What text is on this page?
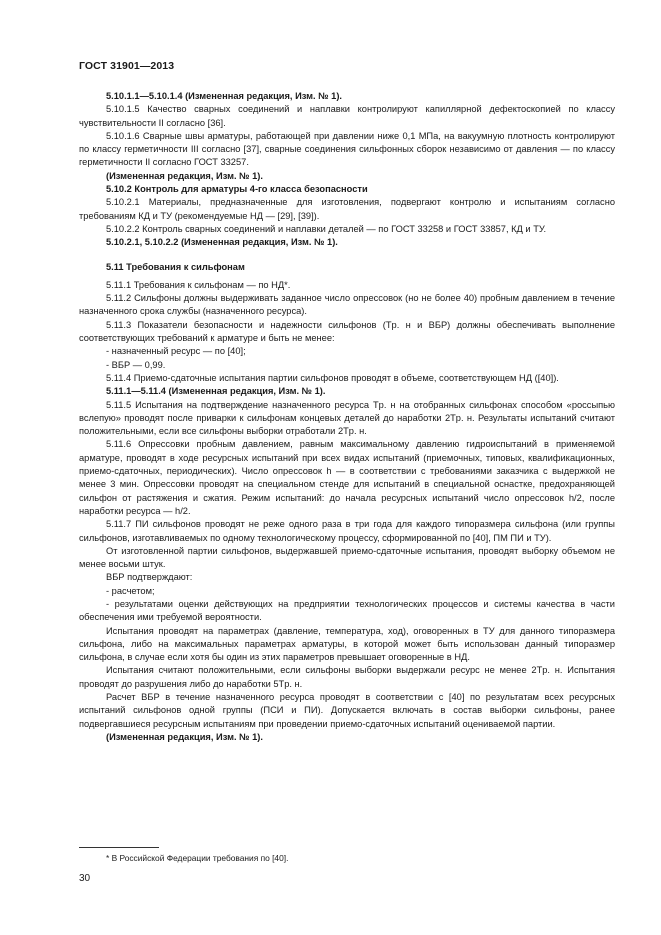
ГОСТ 31901—2013

5.10.1.1—5.10.1.4 (Измененная редакция, Изм. № 1).

5.10.1.5 Качество сварных соединений и наплавки контролируют капиллярной дефектоскопией по классу чувствительности II согласно [36].

5.10.1.6 Сварные швы арматуры, работающей при давлении ниже 0,1 МПа, на вакуумную плотность контролируют по классу герметичности III согласно [37], сварные соединения сильфонных сборок независимо от давления — по классу герметичности II согласно ГОСТ 33257.

(Измененная редакция, Изм. № 1).

5.10.2 Контроль для арматуры 4-го класса безопасности

5.10.2.1 Материалы, предназначенные для изготовления, подвергают контролю и испытаниям согласно требованиям КД и ТУ (рекомендуемые НД — [29], [39]).

5.10.2.2 Контроль сварных соединений и наплавки деталей — по ГОСТ 33258 и ГОСТ 33857, КД и ТУ.

5.10.2.1, 5.10.2.2 (Измененная редакция, Изм. № 1).

5.11 Требования к сильфонам

5.11.1 Требования к сильфонам — по НД*.

5.11.2 Сильфоны должны выдерживать заданное число опрессовок (но не более 40) пробным давлением в течение назначенного срока службы (назначенного ресурса).

5.11.3 Показатели безопасности и надежности сильфонов (Tр. н и ВБР) должны обеспечивать выполнение соответствующих требований к арматуре и быть не менее:

- назначенный ресурс — по [40];

- ВБР — 0,99.

5.11.4 Приемо-сдаточные испытания партии сильфонов проводят в объеме, соответствующем НД ([40]).

5.11.1—5.11.4 (Измененная редакция, Изм. № 1).

5.11.5 Испытания на подтверждение назначенного ресурса Tр. н на отобранных сильфонах способом «россыпью вслепую» проводят после приварки к сильфонам концевых деталей до наработки 2Tр. н. Результаты испытаний считают положительными, если все сильфоны выборки отработали 2Tр. н.

5.11.6 Опрессовки пробным давлением, равным максимальному давлению гидроиспытаний в применяемой арматуре, проводят в ходе ресурсных испытаний при всех видах испытаний (приемочных, типовых, квалификационных, приемо-сдаточных, периодических). Число опрессовок h — в соответствии с требованиями заказчика с выдержкой не менее 3 мин. Опрессовки проводят на специальном стенде для испытаний в специальной оснастке, предохраняющей сильфон от растяжения и сжатия. Режим испытаний: до начала ресурсных испытаний число опрессовок h/2, после наработки ресурса — h/2.

5.11.7 ПИ сильфонов проводят не реже одного раза в три года для каждого типоразмера сильфона (или группы сильфонов, изготавливаемых по одному технологическому процессу, сформированной по [40], ПМ ПИ и ТУ).

От изготовленной партии сильфонов, выдержавшей приемо-сдаточные испытания, проводят выборку объемом не менее восьми штук.

ВБР подтверждают:

- расчетом;

- результатами оценки действующих на предприятии технологических процессов и системы качества в части обеспечения ими требуемой вероятности.

Испытания проводят на параметрах (давление, температура, ход), оговоренных в ТУ для данного типоразмера сильфона, либо на максимальных параметрах арматуры, в которой может быть использован данный типоразмер сильфона, в случае если хотя бы один из этих параметров превышает оговоренные в НД.

Испытания считают положительными, если сильфоны выборки выдержали ресурс не менее 2Tр. н. Испытания проводят до разрушения либо до наработки 5Tр. н.

Расчет ВБР в течение назначенного ресурса проводят в соответствии с [40] по результатам всех ресурсных испытаний сильфонов одной группы (ПСИ и ПИ). Допускается включать в состав выборки сильфоны, ранее подвергавшиеся ресурсным испытаниям при проведении приемо-сдаточных испытаний оцениваемой партии.

(Измененная редакция, Изм. № 1).

* В Российской Федерации требования по [40].
30
